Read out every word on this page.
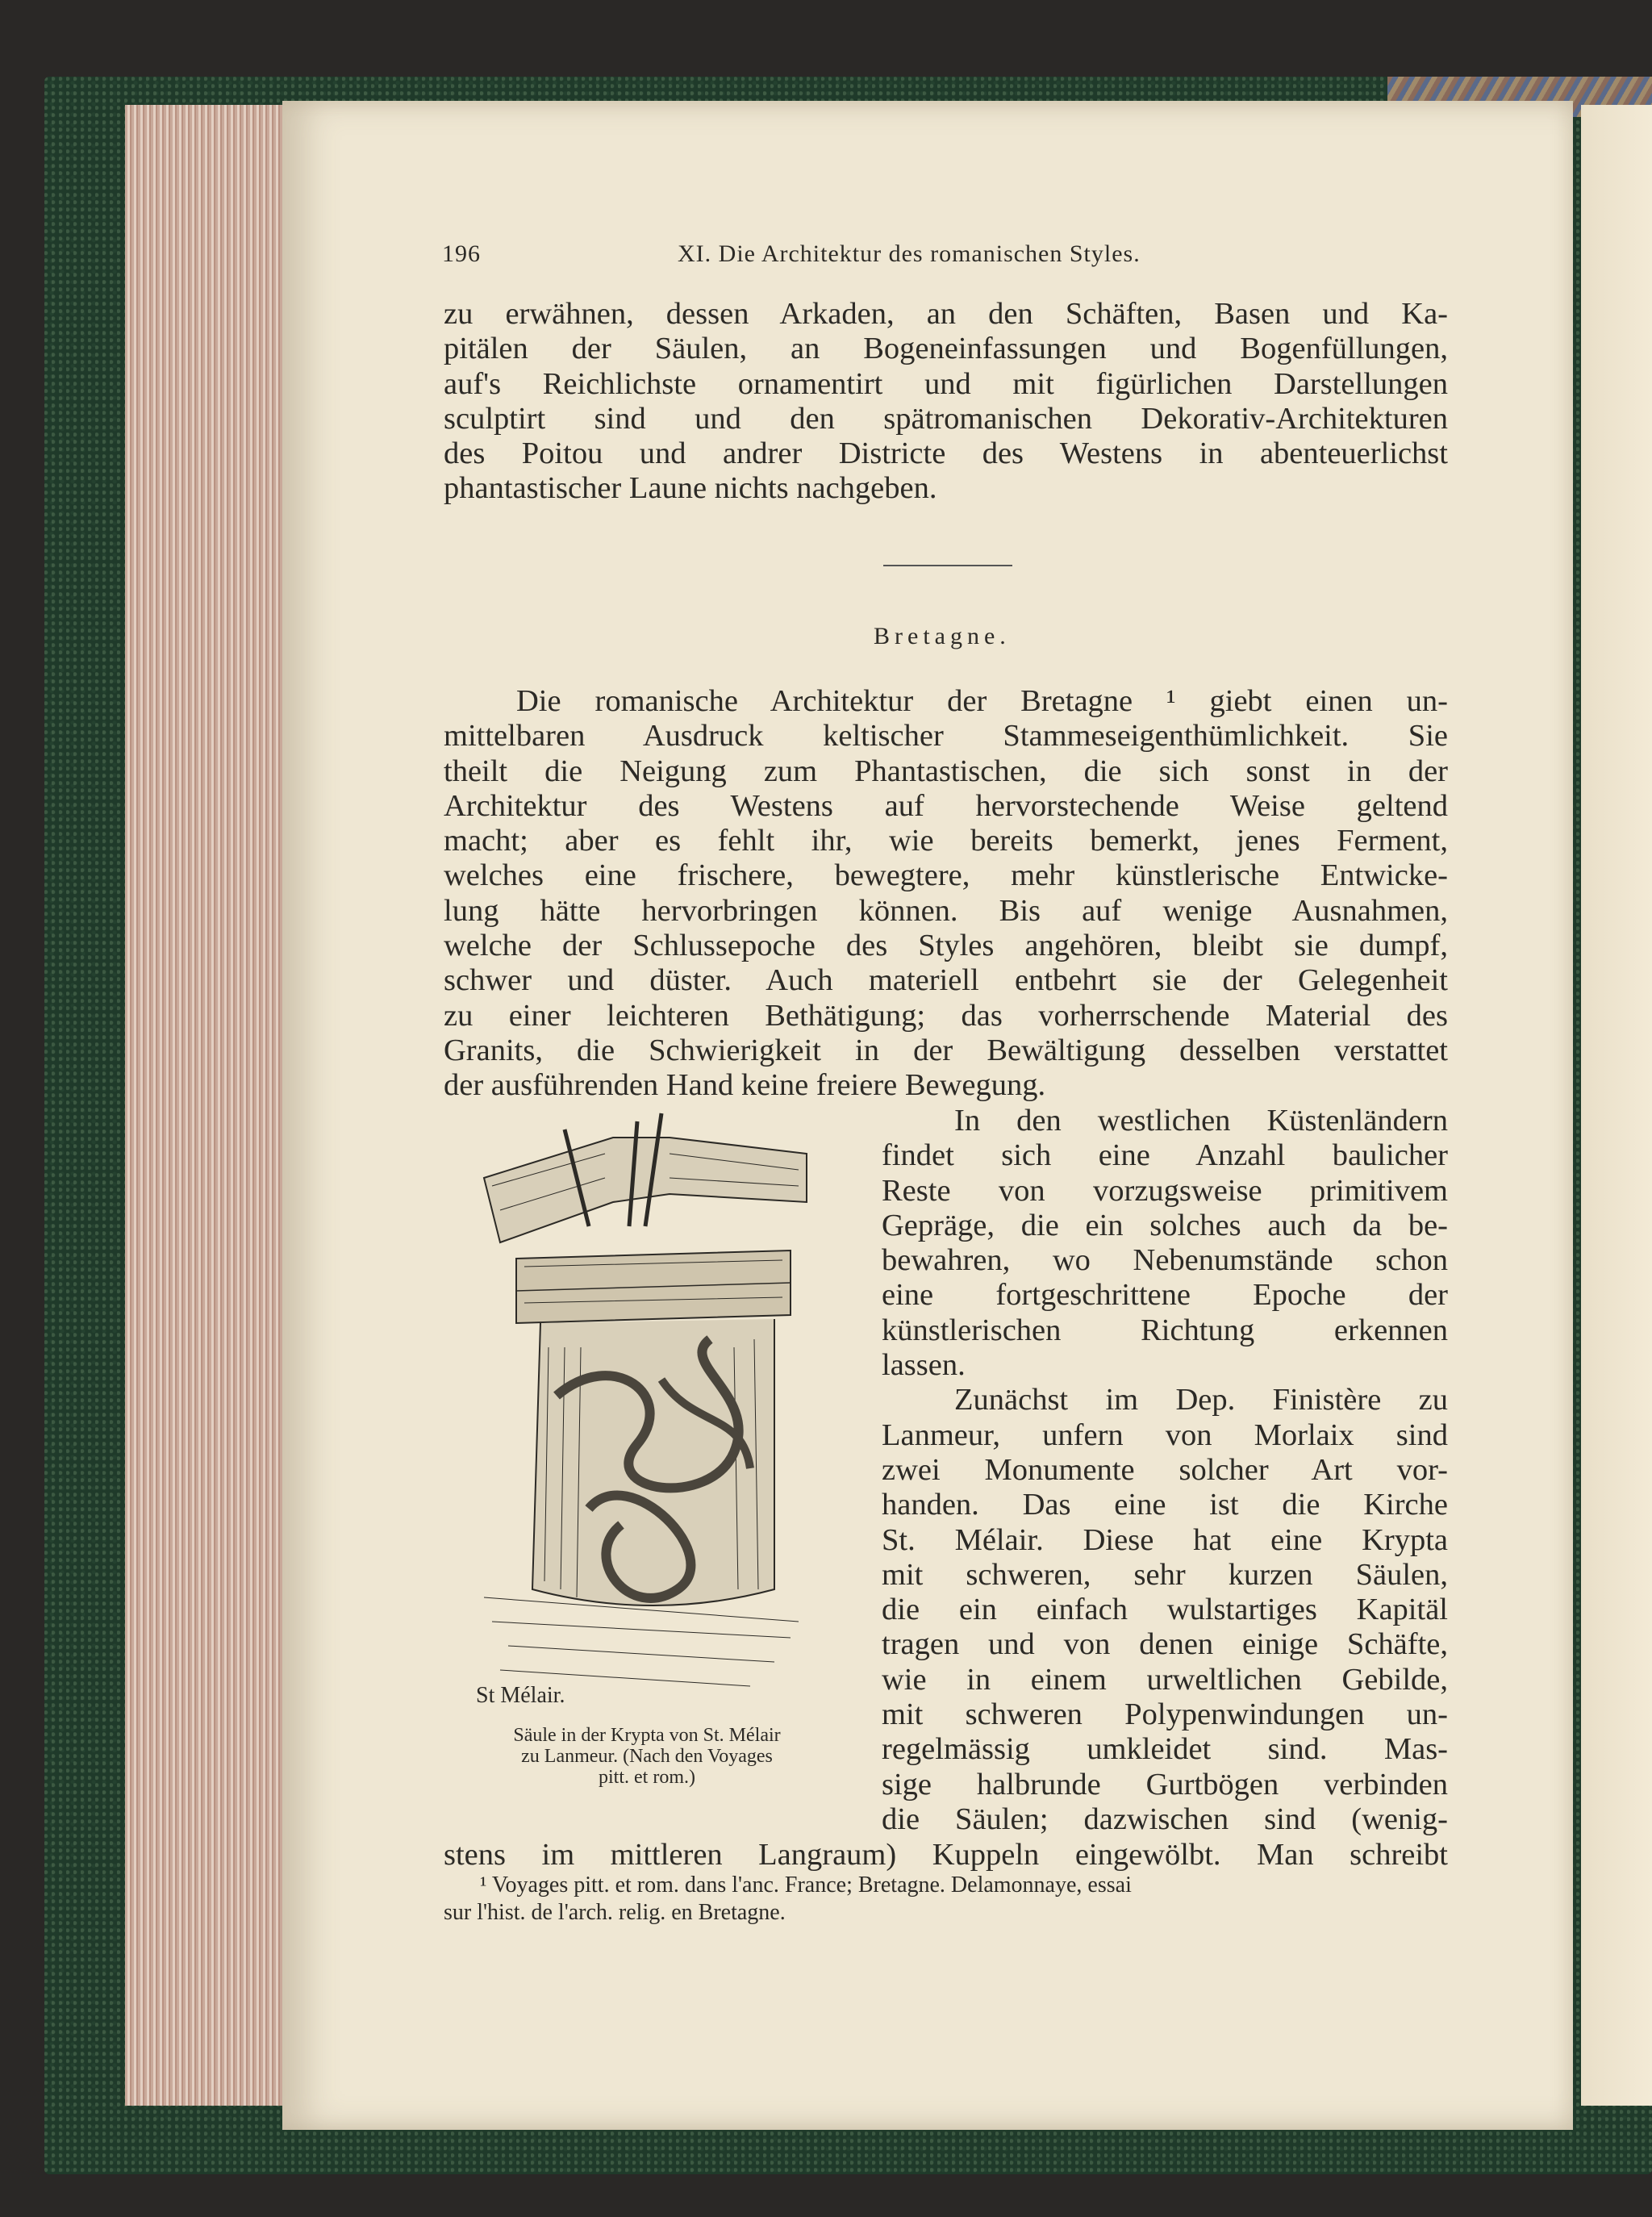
196	XI. Die Architektur des romanischen Styles.
zu erwähnen, dessen Arkaden, an den Schäften, Basen und Ka-
pitälen der Säulen, an Bogeneinfassungen und Bogenfüllungen,
auf's Reichlichste ornamentirt und mit figürlichen Darstellungen
sculptirt sind und den spätromanischen Dekorativ-Architekturen
des Poitou und andrer Districte des Westens in abenteuerlichst
phantastischer Laune nichts nachgeben.
Bretagne.
Die romanische Architektur der Bretagne ¹ giebt einen un-
mittelbaren Ausdruck keltischer Stammeseigenthümlichkeit. Sie
theilt die Neigung zum Phantastischen, die sich sonst in der
Architektur des Westens auf hervorstechende Weise geltend
macht; aber es fehlt ihr, wie bereits bemerkt, jenes Ferment,
welches eine frischere, bewegtere, mehr künstlerische Entwicke-
lung hätte hervorbringen können. Bis auf wenige Ausnahmen,
welche der Schlussepoche des Styles angehören, bleibt sie dumpf,
schwer und düster. Auch materiell entbehrt sie der Gelegenheit
zu einer leichteren Bethätigung; das vorherrschende Material des
Granits, die Schwierigkeit in der Bewältigung desselben verstattet
der ausführenden Hand keine freiere Bewegung.
St Mélair.
Säule in der Krypta von St. Mélair
zu Lanmeur. (Nach den Voyages
pitt. et rom.)
In den westlichen Küstenländern
findet sich eine Anzahl baulicher
Reste von vorzugsweise primitivem
Gepräge, die ein solches auch da be-
bewahren, wo Nebenumstände schon
eine fortgeschrittene Epoche der
künstlerischen Richtung erkennen
lassen.
Zunächst im Dep. Finistère zu
Lanmeur, unfern von Morlaix sind
zwei Monumente solcher Art vor-
handen. Das eine ist die Kirche
St. Mélair. Diese hat eine Krypta
mit schweren, sehr kurzen Säulen,
die ein einfach wulstartiges Kapitäl
tragen und von denen einige Schäfte,
wie in einem urweltlichen Gebilde,
mit schweren Polypenwindungen un-
regelmässig umkleidet sind. Mas-
sige halbrunde Gurtbögen verbinden
die Säulen; dazwischen sind (wenig-
stens im mittleren Langraum) Kuppeln eingewölbt. Man schreibt
¹ Voyages pitt. et rom. dans l'anc. France; Bretagne. Delamonnaye, essai
sur l'hist. de l'arch. relig. en Bretagne.
